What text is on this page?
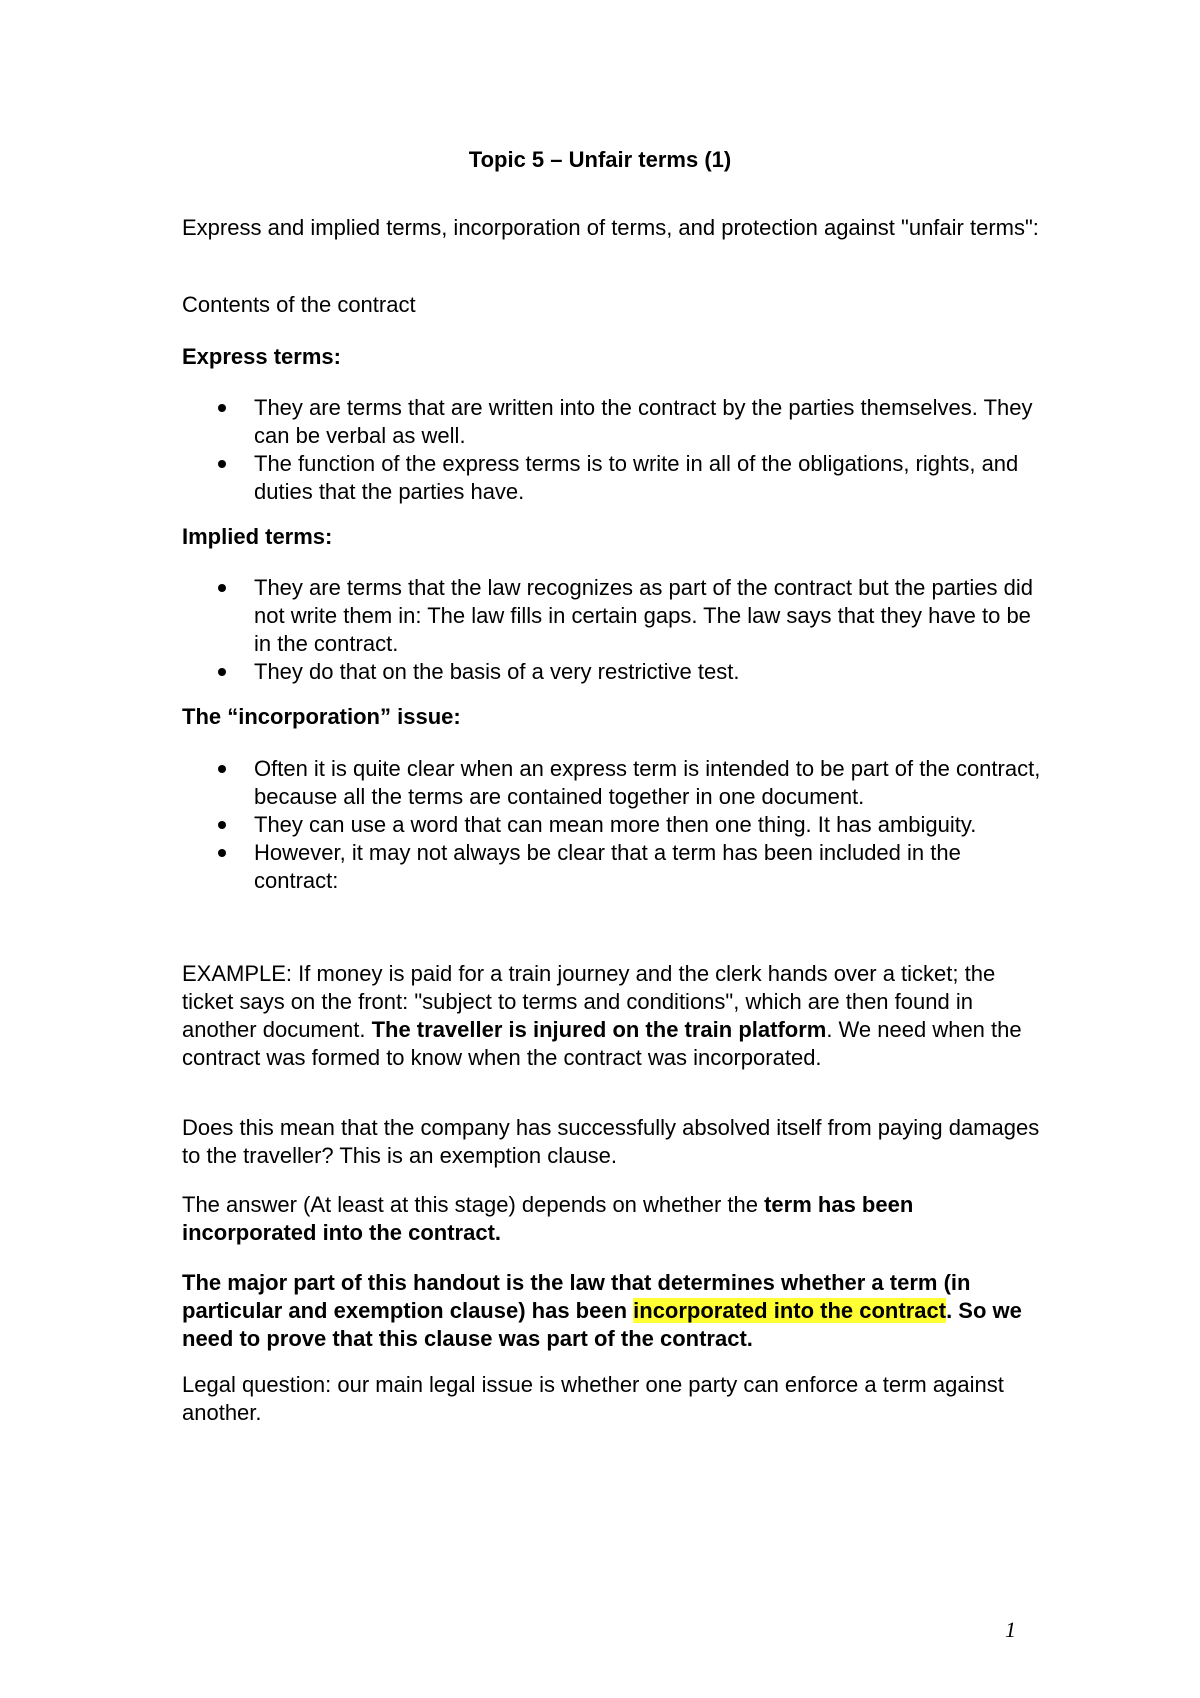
Topic 5 – Unfair terms (1)

Express and implied terms, incorporation of terms, and protection against "unfair terms":

Contents of the contract

Express terms:

They are terms that are written into the contract by the parties themselves. They can be verbal as well.
The function of the express terms is to write in all of the obligations, rights, and duties that the parties have.

Implied terms:

They are terms that the law recognizes as part of the contract but the parties did not write them in: The law fills in certain gaps. The law says that they have to be in the contract.
They do that on the basis of a very restrictive test.

The “incorporation” issue:

Often it is quite clear when an express term is intended to be part of the contract, because all the terms are contained together in one document.
They can use a word that can mean more then one thing. It has ambiguity.
However, it may not always be clear that a term has been included in the contract:

EXAMPLE: If money is paid for a train journey and the clerk hands over a ticket; the ticket says on the front: "subject to terms and conditions", which are then found in another document. The traveller is injured on the train platform. We need when the contract was formed to know when the contract was incorporated.

Does this mean that the company has successfully absolved itself from paying damages to the traveller? This is an exemption clause.

The answer (At least at this stage) depends on whether the term has been incorporated into the contract.

The major part of this handout is the law that determines whether a term (in particular and exemption clause) has been incorporated into the contract. So we need to prove that this clause was part of the contract.

Legal question: our main legal issue is whether one party can enforce a term against another.

1
